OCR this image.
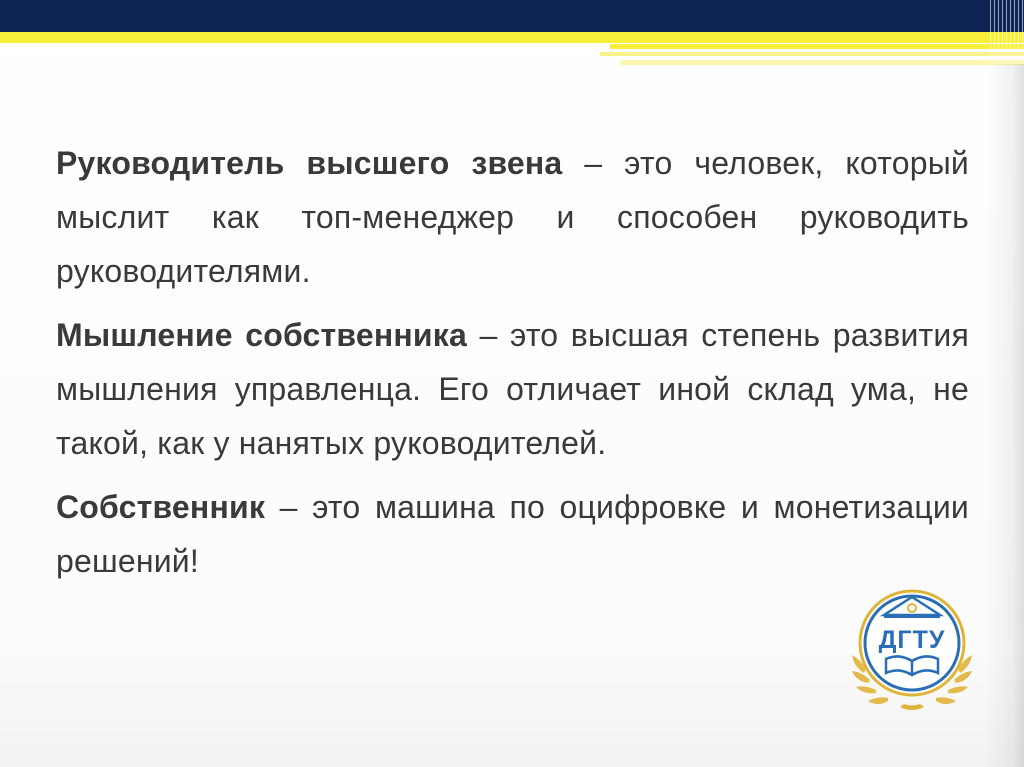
Руководитель высшего звена – это человек, который мыслит как топ-менеджер и способен руководить руководителями.

Мышление собственника – это высшая степень развития мышления управленца. Его отличает иной склад ума, не такой, как у нанятых руководителей.

Собственник – это машина по оцифровке и монетизации решений!

ДГТУ
